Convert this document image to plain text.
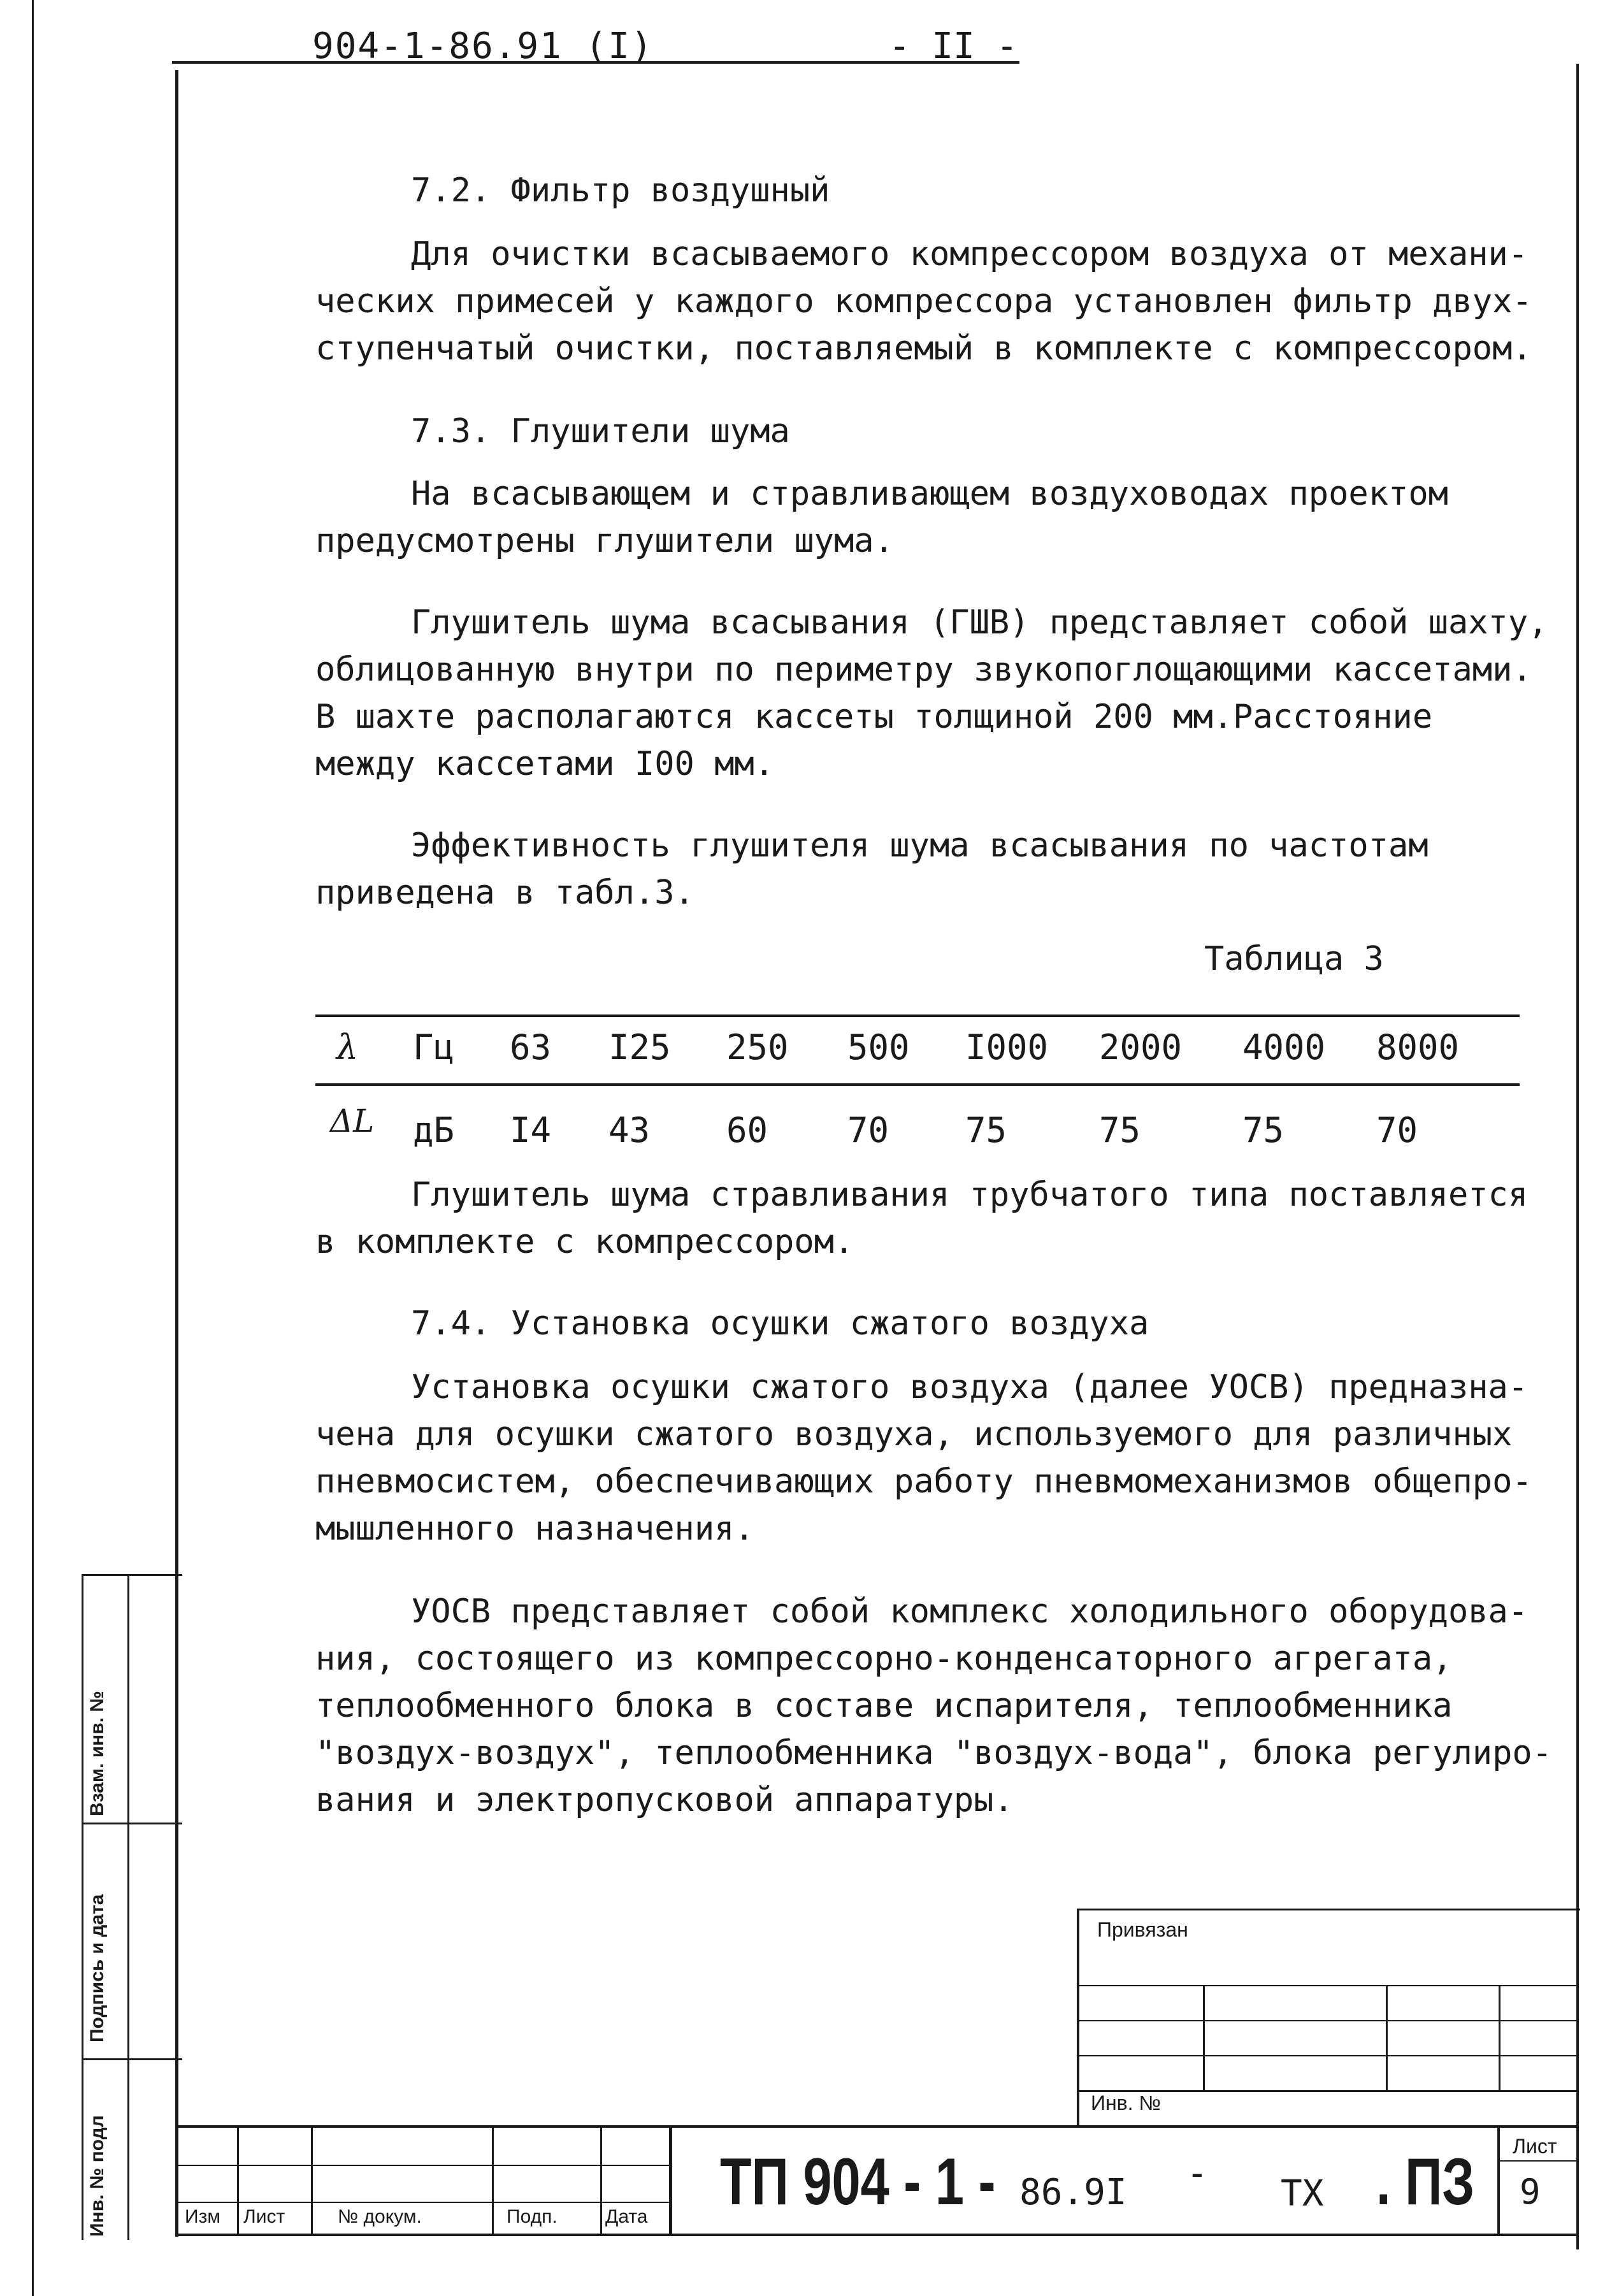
904-1-86.91 (I)	- II -
7.2. Фильтр воздушный
Для очистки всасываемого компрессором воздуха от механи-
ческих примесей у каждого компрессора установлен фильтр двух-
ступенчатый очистки, поставляемый в комплекте с компрессором.
7.3. Глушители шума
На всасывающем и стравливающем воздуховодах проектом
предусмотрены глушители шума.
Глушитель шума всасывания (ГШВ) представляет собой шахту,
облицованную внутри по периметру звукопоглощающими кассетами.
В шахте располагаются кассеты толщиной 200 мм.Расстояние
между кассетами I00 мм.
Эффективность глушителя шума всасывания по частотам
приведена в табл.3.
Таблица 3
λ Гц 63 I25 250 500 I000 2000 4000 8000
ΔL дБ I4 43 60 70 75	75	75	70
Глушитель шума стравливания трубчатого типа поставляется
в комплекте с компрессором.
7.4. Установка осушки сжатого воздуха
Установка осушки сжатого воздуха (далее УОСВ) предназна-
чена для осушки сжатого воздуха, используемого для различных
пневмосистем, обеспечивающих работу пневмомеханизмов общепро-
мышленного назначения.
УОСВ представляет собой комплекс холодильного оборудова-
ния, состоящего из компрессорно-конденсаторного агрегата,
теплообменного блока в составе испарителя, теплообменника
"воздух-воздух", теплообменника "воздух-вода", блока регулиро-
вания и электропусковой аппаратуры.
Взам. инв. №
Подпись и дата
Инв. № подл
Привязан
Инв. №
Изм Лист	№ докум.	Подп.	Дата ТП 904 - 1 - 86.9I - ТХ . ПЗ Лист
9
